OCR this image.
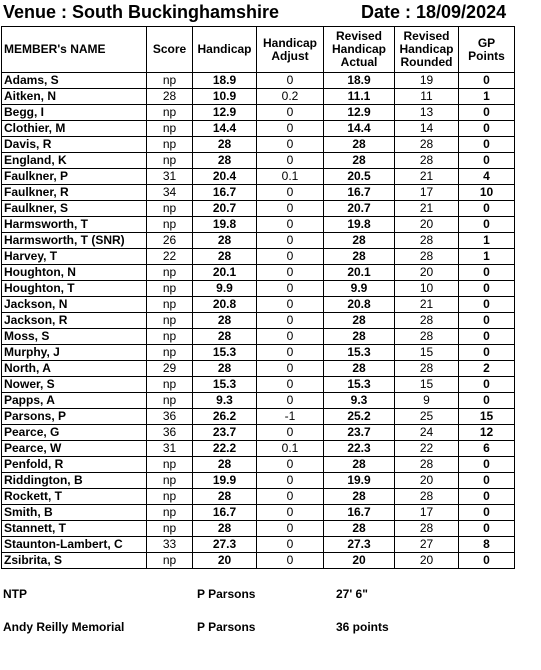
Venue : South Buckinghamshire	Date : 18/09/2024
MEMBER's NAME	Score	Handicap	Handicap Adjust	Revised Handicap Actual	Revised Handicap Rounded	GP Points
Adams, S	np	18.9	0	18.9	19	0
Aitken, N	28	10.9	0.2	11.1	11	1
Begg, I	np	12.9	0	12.9	13	0
Clothier, M	np	14.4	0	14.4	14	0
Davis, R	np	28	0	28	28	0
England, K	np	28	0	28	28	0
Faulkner, P	31	20.4	0.1	20.5	21	4
Faulkner, R	34	16.7	0	16.7	17	10
Faulkner, S	np	20.7	0	20.7	21	0
Harmsworth, T	np	19.8	0	19.8	20	0
Harmsworth, T (SNR)	26	28	0	28	28	1
Harvey, T	22	28	0	28	28	1
Houghton, N	np	20.1	0	20.1	20	0
Houghton, T	np	9.9	0	9.9	10	0
Jackson, N	np	20.8	0	20.8	21	0
Jackson, R	np	28	0	28	28	0
Moss, S	np	28	0	28	28	0
Murphy, J	np	15.3	0	15.3	15	0
North, A	29	28	0	28	28	2
Nower, S	np	15.3	0	15.3	15	0
Papps, A	np	9.3	0	9.3	9	0
Parsons, P	36	26.2	-1	25.2	25	15
Pearce, G	36	23.7	0	23.7	24	12
Pearce, W	31	22.2	0.1	22.3	22	6
Penfold, R	np	28	0	28	28	0
Riddington, B	np	19.9	0	19.9	20	0
Rockett, T	np	28	0	28	28	0
Smith, B	np	16.7	0	16.7	17	0
Stannett, T	np	28	0	28	28	0
Staunton-Lambert, C	33	27.3	0	27.3	27	8
Zsibrita, S	np	20	0	20	20	0
NTP	P Parsons	27' 6"
Andy Reilly Memorial	P Parsons	36 points
